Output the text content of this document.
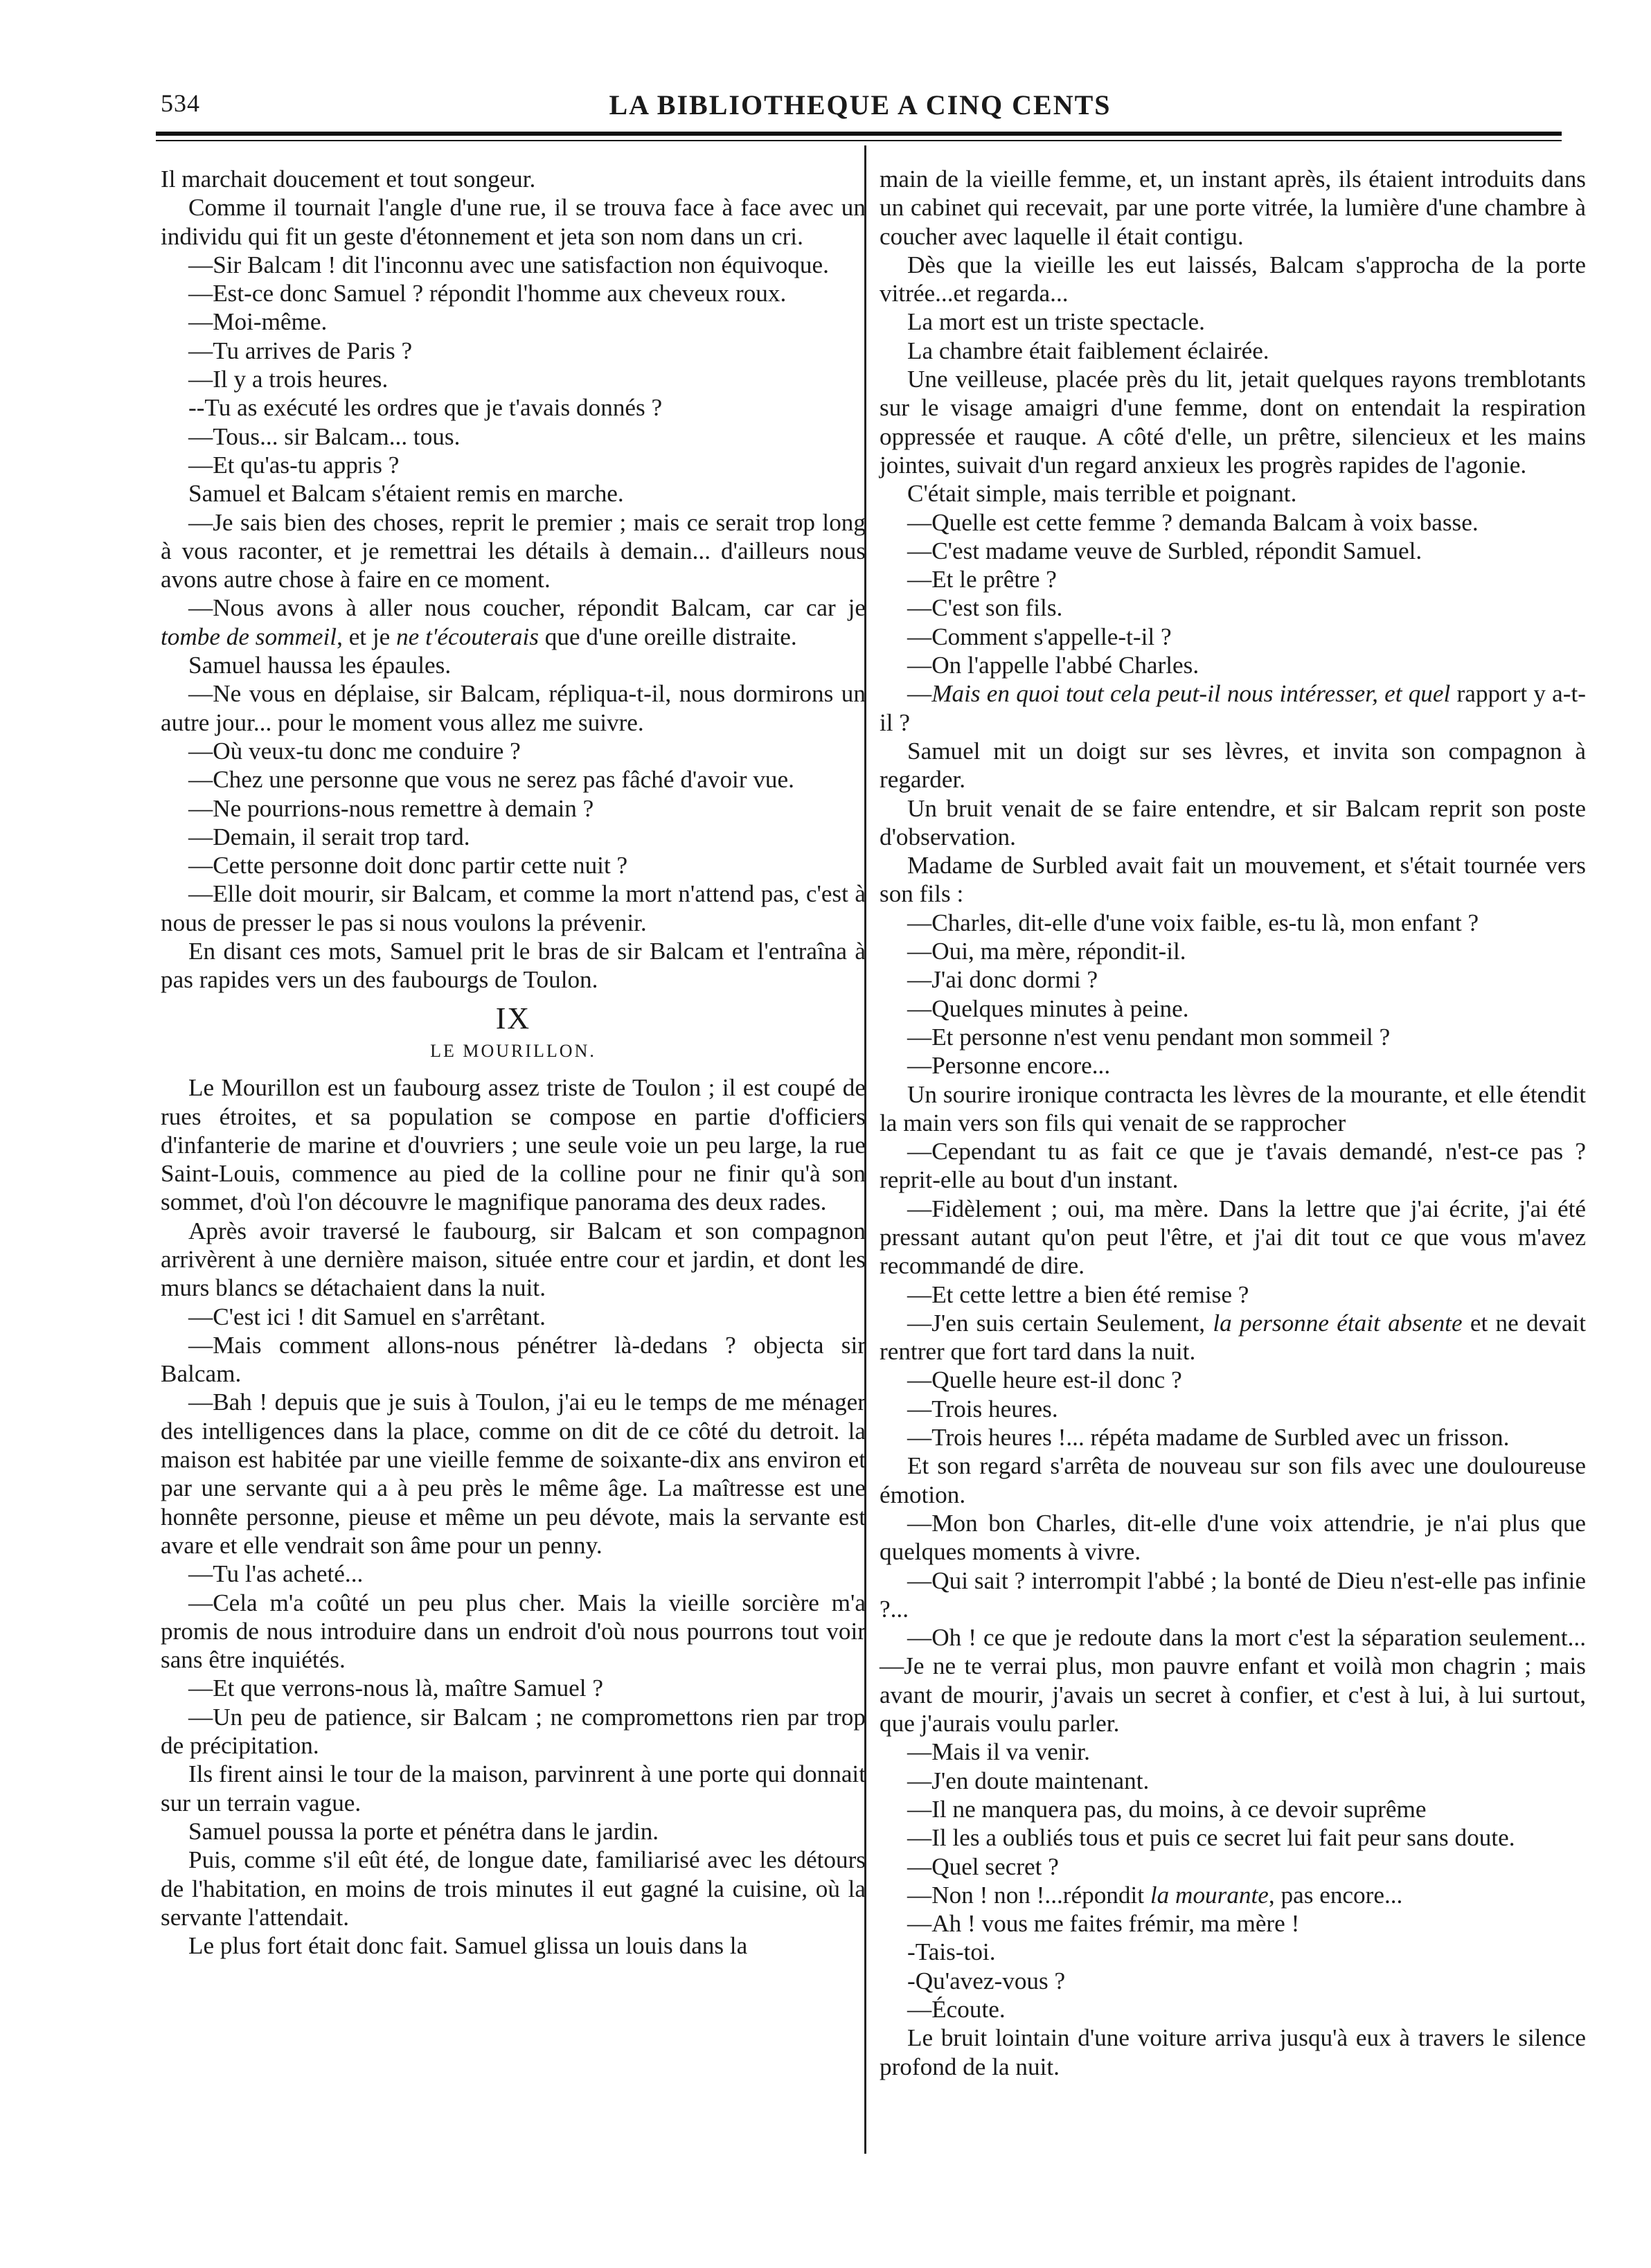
534	LA BIBLIOTHEQUE A CINQ CENTS

Il marchait doucement et tout songeur.

Comme il tournait l'angle d'une rue, il se trouva face à face avec un individu qui fit un geste d'étonnement et jeta son nom dans un cri.

—Sir Balcam ! dit l'inconnu avec une satisfaction non équivoque.

—Est-ce donc Samuel ? répondit l'homme aux cheveux roux.

—Moi-même.

—Tu arrives de Paris ?

—Il y a trois heures.

--Tu as exécuté les ordres que je t'avais donnés ?

—Tous... sir Balcam... tous.

—Et qu'as-tu appris ?

Samuel et Balcam s'étaient remis en marche.

—Je sais bien des choses, reprit le premier ; mais ce serait trop long à vous raconter, et je remettrai les détails à demain... d'ailleurs nous avons autre chose à faire en ce moment.

—Nous avons à aller nous coucher, répondit Balcam, car car je tombe de sommeil, et je ne t'écouterais que d'une oreille distraite.

Samuel haussa les épaules.

—Ne vous en déplaise, sir Balcam, répliqua-t-il, nous dormirons un autre jour... pour le moment vous allez me suivre.

—Où veux-tu donc me conduire ?

—Chez une personne que vous ne serez pas fâché d'avoir vue.

—Ne pourrions-nous remettre à demain ?

—Demain, il serait trop tard.

—Cette personne doit donc partir cette nuit ?

—Elle doit mourir, sir Balcam, et comme la mort n'attend pas, c'est à nous de presser le pas si nous voulons la prévenir.

En disant ces mots, Samuel prit le bras de sir Balcam et l'entraîna à pas rapides vers un des faubourgs de Toulon.

IX
LE MOURILLON.

Le Mourillon est un faubourg assez triste de Toulon ; il est coupé de rues étroites, et sa population se compose en partie d'officiers d'infanterie de marine et d'ouvriers ; une seule voie un peu large, la rue Saint-Louis, commence au pied de la colline pour ne finir qu'à son sommet, d'où l'on découvre le magnifique panorama des deux rades.

Après avoir traversé le faubourg, sir Balcam et son compagnon arrivèrent à une dernière maison, située entre cour et jardin, et dont les murs blancs se détachaient dans la nuit.

—C'est ici ! dit Samuel en s'arrêtant.

—Mais comment allons-nous pénétrer là-dedans ? objecta sir Balcam.

—Bah ! depuis que je suis à Toulon, j'ai eu le temps de me ménager des intelligences dans la place, comme on dit de ce côté du detroit. la maison est habitée par une vieille femme de soixante-dix ans environ et par une servante qui a à peu près le même âge. La maîtresse est une honnête personne, pieuse et même un peu dévote, mais la servante est avare et elle vendrait son âme pour un penny.

—Tu l'as acheté...

—Cela m'a coûté un peu plus cher. Mais la vieille sorcière m'a promis de nous introduire dans un endroit d'où nous pourrons tout voir sans être inquiétés.

—Et que verrons-nous là, maître Samuel ?

—Un peu de patience, sir Balcam ; ne compromettons rien par trop de précipitation.

Ils firent ainsi le tour de la maison, parvinrent à une porte qui donnait sur un terrain vague.

Samuel poussa la porte et pénétra dans le jardin.

Puis, comme s'il eût été, de longue date, familiarisé avec les détours de l'habitation, en moins de trois minutes il eut gagné la cuisine, où la servante l'attendait.

Le plus fort était donc fait. Samuel glissa un louis dans la

main de la vieille femme, et, un instant après, ils étaient introduits dans un cabinet qui recevait, par une porte vitrée, la lumière d'une chambre à coucher avec laquelle il était contigu.

Dès que la vieille les eut laissés, Balcam s'approcha de la porte vitrée...et regarda...

La mort est un triste spectacle.

La chambre était faiblement éclairée.

Une veilleuse, placée près du lit, jetait quelques rayons tremblotants sur le visage amaigri d'une femme, dont on entendait la respiration oppressée et rauque. A côté d'elle, un prêtre, silencieux et les mains jointes, suivait d'un regard anxieux les progrès rapides de l'agonie.

C'était simple, mais terrible et poignant.

—Quelle est cette femme ? demanda Balcam à voix basse.

—C'est madame veuve de Surbled, répondit Samuel.

—Et le prêtre ?

—C'est son fils.

—Comment s'appelle-t-il ?

—On l'appelle l'abbé Charles.

—Mais en quoi tout cela peut-il nous intéresser, et quel rapport y a-t-il ?

Samuel mit un doigt sur ses lèvres, et invita son compagnon à regarder.

Un bruit venait de se faire entendre, et sir Balcam reprit son poste d'observation.

Madame de Surbled avait fait un mouvement, et s'était tournée vers son fils :

—Charles, dit-elle d'une voix faible, es-tu là, mon enfant ?

—Oui, ma mère, répondit-il.

—J'ai donc dormi ?

—Quelques minutes à peine.

—Et personne n'est venu pendant mon sommeil ?

—Personne encore...

Un sourire ironique contracta les lèvres de la mourante, et elle étendit la main vers son fils qui venait de se rapprocher

—Cependant tu as fait ce que je t'avais demandé, n'est-ce pas ? reprit-elle au bout d'un instant.

—Fidèlement ; oui, ma mère. Dans la lettre que j'ai écrite, j'ai été pressant autant qu'on peut l'être, et j'ai dit tout ce que vous m'avez recommandé de dire.

—Et cette lettre a bien été remise ?

—J'en suis certain Seulement, la personne était absente et ne devait rentrer que fort tard dans la nuit.

—Quelle heure est-il donc ?

—Trois heures.

—Trois heures !... répéta madame de Surbled avec un frisson.

Et son regard s'arrêta de nouveau sur son fils avec une douloureuse émotion.

—Mon bon Charles, dit-elle d'une voix attendrie, je n'ai plus que quelques moments à vivre.

—Qui sait ? interrompit l'abbé ; la bonté de Dieu n'est-elle pas infinie ?...

—Oh ! ce que je redoute dans la mort c'est la séparation seulement...—Je ne te verrai plus, mon pauvre enfant et voilà mon chagrin ; mais avant de mourir, j'avais un secret à confier, et c'est à lui, à lui surtout, que j'aurais voulu parler.

—Mais il va venir.

—J'en doute maintenant.

—Il ne manquera pas, du moins, à ce devoir suprême

—Il les a oubliés tous et puis ce secret lui fait peur sans doute.

—Quel secret ?

—Non ! non !...répondit la mourante, pas encore...

—Ah ! vous me faites frémir, ma mère !

-Tais-toi.

-Qu'avez-vous ?

—Écoute.

Le bruit lointain d'une voiture arriva jusqu'à eux à travers le silence profond de la nuit.
